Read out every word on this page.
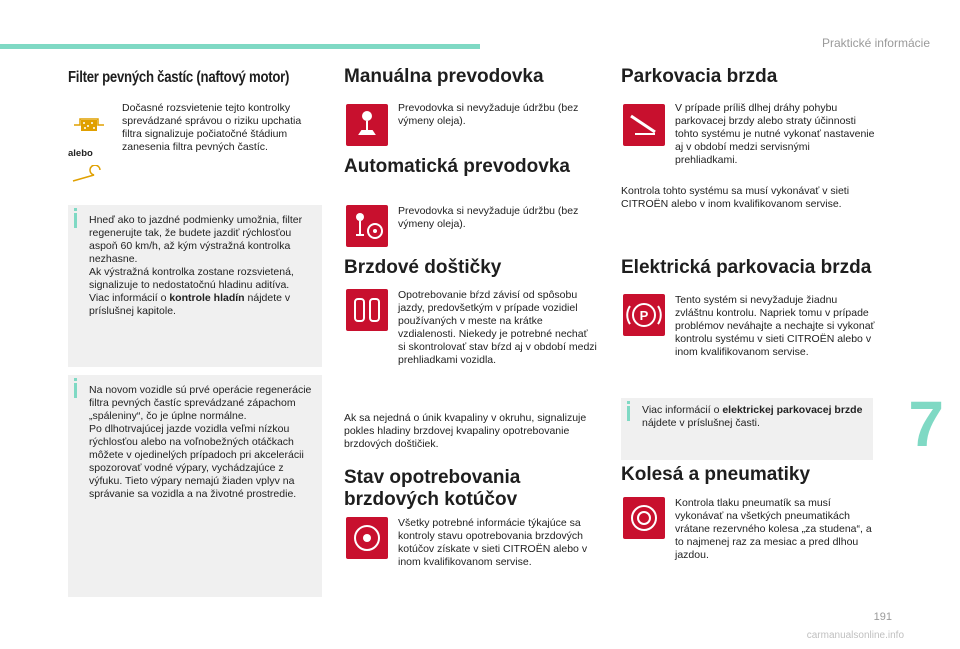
Praktické informácie
Filter pevných častíc (naftový motor)
alebo
Dočasné rozsvietenie tejto kontrolky sprevádzané správou o riziku upchatia filtra signalizuje počiatočné štádium zanesenia filtra pevných častíc.
Hneď ako to jazdné podmienky umožnia, filter regenerujte tak, že budete jazdiť rýchlosťou aspoň 60 km/h, až kým výstražná kontrolka nezhasne.
Ak výstražná kontrolka zostane rozsvietená, signalizuje to nedostatočnú hladinu aditíva.
Viac informácií o kontrole hladín nájdete v príslušnej kapitole.
Na novom vozidle sú prvé operácie regenerácie filtra pevných častíc sprevádzané zápachom „spáleniny“, čo je úplne normálne.
Po dlhotrvajúcej jazde vozidla veľmi nízkou rýchlosťou alebo na voľnobežných otáčkach môžete v ojedinelých prípadoch pri akcelerácii spozorovať vodné výpary, vychádzajúce z výfuku. Tieto výpary nemajú žiaden vplyv na správanie sa vozidla a na životné prostredie.
Manuálna prevodovka
Prevodovka si nevyžaduje údržbu (bez výmeny oleja).
Automatická prevodovka
Prevodovka si nevyžaduje údržbu (bez výmeny oleja).
Brzdové doštičky
Opotrebovanie bŕzd závisí od spôsobu jazdy, predovšetkým v prípade vozidiel používaných v meste na krátke vzdialenosti. Niekedy je potrebné nechať si skontrolovať stav bŕzd aj v období medzi prehliadkami vozidla.
Ak sa nejedná o únik kvapaliny v okruhu, signalizuje pokles hladiny brzdovej kvapaliny opotrebovanie brzdových doštičiek.
Stav opotrebovania
brzdových kotúčov
Všetky potrebné informácie týkajúce sa kontroly stavu opotrebovania brzdových kotúčov získate v sieti CITROËN alebo v inom kvalifikovanom servise.
Parkovacia brzda
V prípade príliš dlhej dráhy pohybu parkovacej brzdy alebo straty účinnosti tohto systému je nutné vykonať nastavenie aj v období medzi servisnými prehliadkami.
Kontrola tohto systému sa musí vykonávať v sieti CITROËN alebo v inom kvalifikovanom servise.
Elektrická parkovacia brzda
P
Tento systém si nevyžaduje žiadnu zvláštnu kontrolu. Napriek tomu v prípade problémov neváhajte a nechajte si vykonať kontrolu systému v sieti CITROËN alebo v inom kvalifikovanom servise.
Viac informácií o elektrickej parkovacej brzde nájdete v príslušnej časti.
Kolesá a pneumatiky
Kontrola tlaku pneumatík sa musí vykonávať na všetkých pneumatikách vrátane rezervného kolesa „za studena“, a to najmenej raz za mesiac a pred dlhou jazdou.
7
191
carmanualsonline.info
